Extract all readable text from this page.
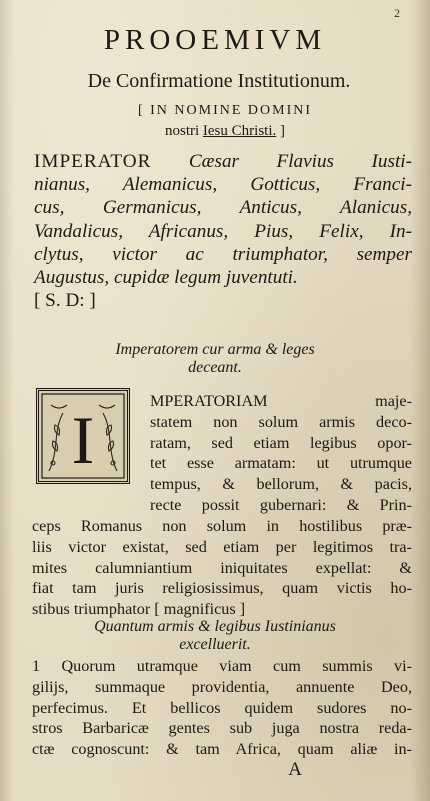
2
PROOEMIVM
De Confirmatione Institutionum.
[ IN NOMINE DOMINI
nostri Iesu Christi. ]
IMPERATOR Cæsar Flavius Iusti-
nianus, Alemanicus, Gotticus, Franci-
cus, Germanicus, Anticus, Alanicus,
Vandalicus, Africanus, Pius, Felix, In-
clytus, victor ac triumphator, semper
Augustus, cupidæ legum juventuti.
[ S. D: ]
Imperatorem cur arma & leges
deceant.
I
MPERATORIAM maje-
statem non solum armis deco-
ratam, sed etiam legibus opor-
tet esse armatam: ut utrumque
tempus, & bellorum, & pacis,
recte possit gubernari: & Prin-
ceps Romanus non solum in hostilibus præ-
liis victor existat, sed etiam per legitimos tra-
mites calumniantium iniquitates expellat: &
fiat tam juris religiosissimus, quam victis ho-
stibus triumphator [ magnificus ]
Quantum armis & legibus Iustinianus
excelluerit.
1 Quorum utramque viam cum summis vi-
gilijs, summaque providentia, annuente Deo,
perfecimus. Et bellicos quidem sudores no-
stros Barbaricæ gentes sub juga nostra reda-
ctæ cognoscunt: & tam Africa, quam aliæ in-
A
